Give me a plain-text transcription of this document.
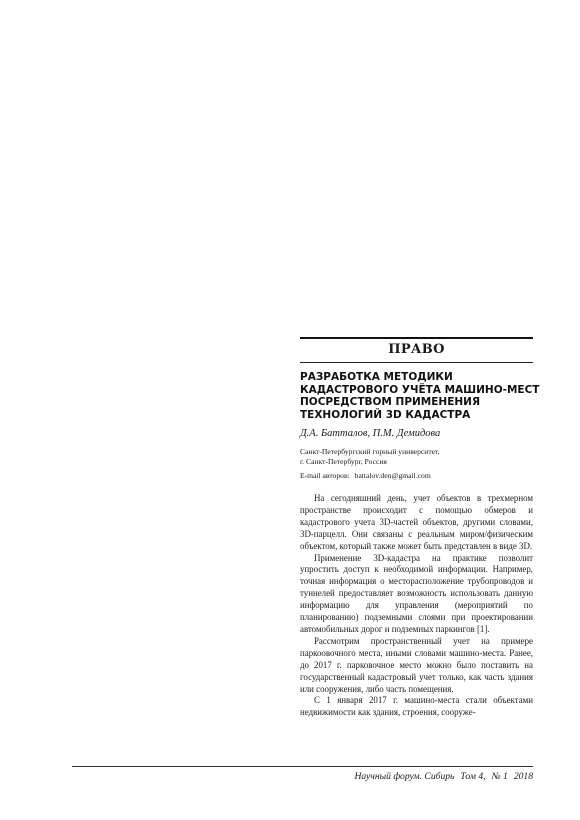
ПРАВО
РАЗРАБОТКА МЕТОДИКИ
КАДАСТРОВОГО УЧЁТА МАШИНО-МЕСТ
ПОСРЕДСТВОМ ПРИМЕНЕНИЯ
ТЕХНОЛОГИЙ 3D КАДАСТРА
Д.А. Батталов, П.М. Демидова
Санкт-Петербургский горный университет,
г. Санкт-Петербург, Россия
E-mail авторов: battalov.den@gmail.com

На сегодняшний день, учет объектов в трехмерном пространстве происходит с помощью обмеров и кадастрового учета 3D-частей объектов, другими словами, 3D-парцелл. Они связаны с реальным миром/физическим объектом, который также может быть представлен в виде 3D.

Применение 3D-кадастра на практике позволит упростить доступ к необходимой информации. Например, точная информация о месторасположение трубопроводов и туннелей предоставляет возможность использовать данную информацию для управления (мероприятий по планированию) подземными слоями при проектировании автомобильных дорог и подземных паркингов [1].

Рассмотрим пространственный учет на примере паркоовочного места, иными словами машино-места. Ранее, до 2017 г. парковочное место можно было поставить на государственный кадастровый учет только, как часть здания или сооружения, либо часть помещения.

С 1 января 2017 г. машино-места стали объектами недвижимости как здания, строения, сооруже-

Научный форум. Сибирь Том 4, № 1 2018
